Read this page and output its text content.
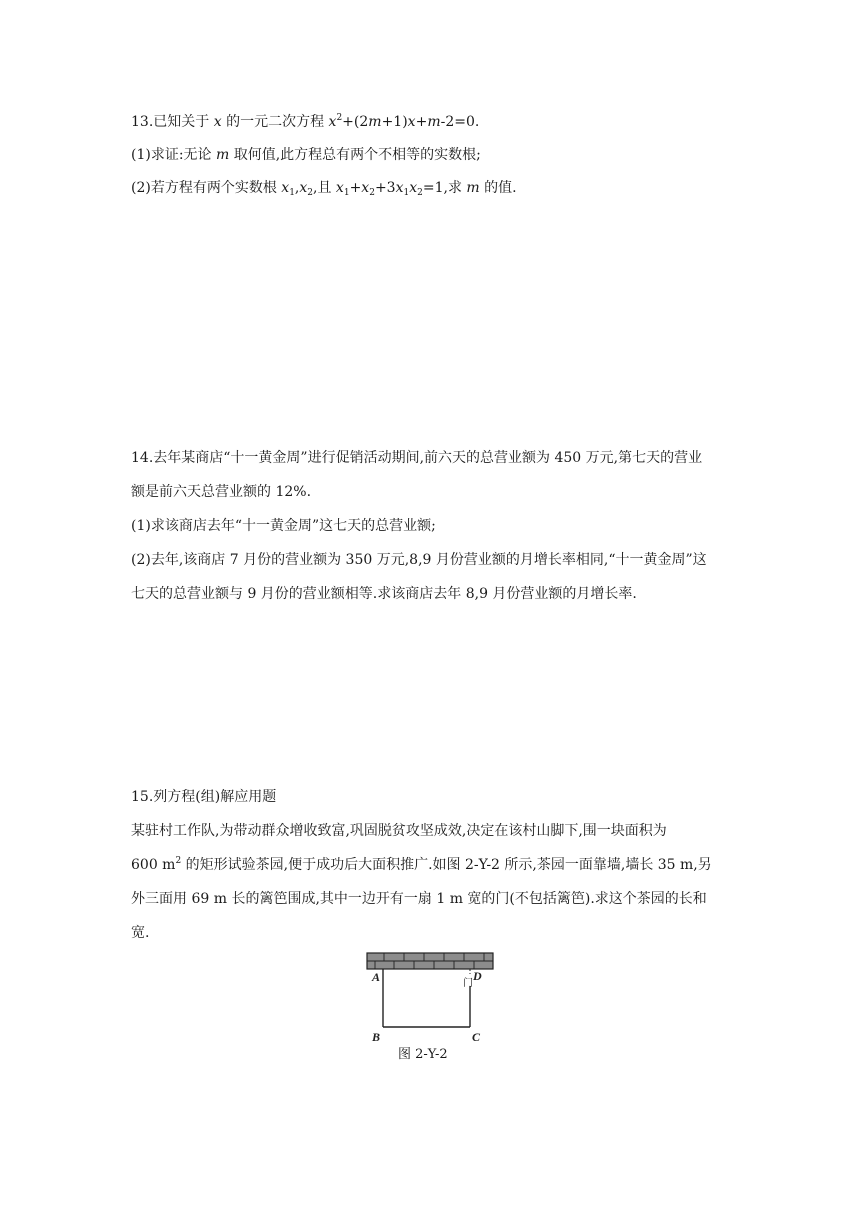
13.已知关于 x 的一元二次方程 $x^2+(2m+1)x+m-2=0$.
(1)求证:无论 m 取何值,此方程总有两个不相等的实数根;
(2)若方程有两个实数根 $x_1,x_2$,且 $x_1+x_2+3x_1x_2=1$,求 m 的值.
14.去年某商店“十一黄金周”进行促销活动期间,前六天的总营业额为 450 万元,第七天的营业
额是前六天总营业额的 12%.
(1)求该商店去年“十一黄金周”这七天的总营业额;
(2)去年,该商店 7 月份的营业额为 350 万元,8,9 月份营业额的月增长率相同,“十一黄金周”这
七天的总营业额与 9 月份的营业额相等.求该商店去年 8,9 月份营业额的月增长率.
15.列方程(组)解应用题
某驻村工作队,为带动群众增收致富,巩固脱贫攻坚成效,决定在该村山脚下,围一块面积为
600 $m^2$ 的矩形试验茶园,便于成功后大面积推广.如图 2-Y-2 所示,茶园一面靠墙,墙长 35 m,另
外三面用 69 m 长的篱笆围成,其中一边开有一扇 1 m 宽的门(不包括篱笆).求这个茶园的长和
宽.
门
A
B	C
D
图 2-Y-2
